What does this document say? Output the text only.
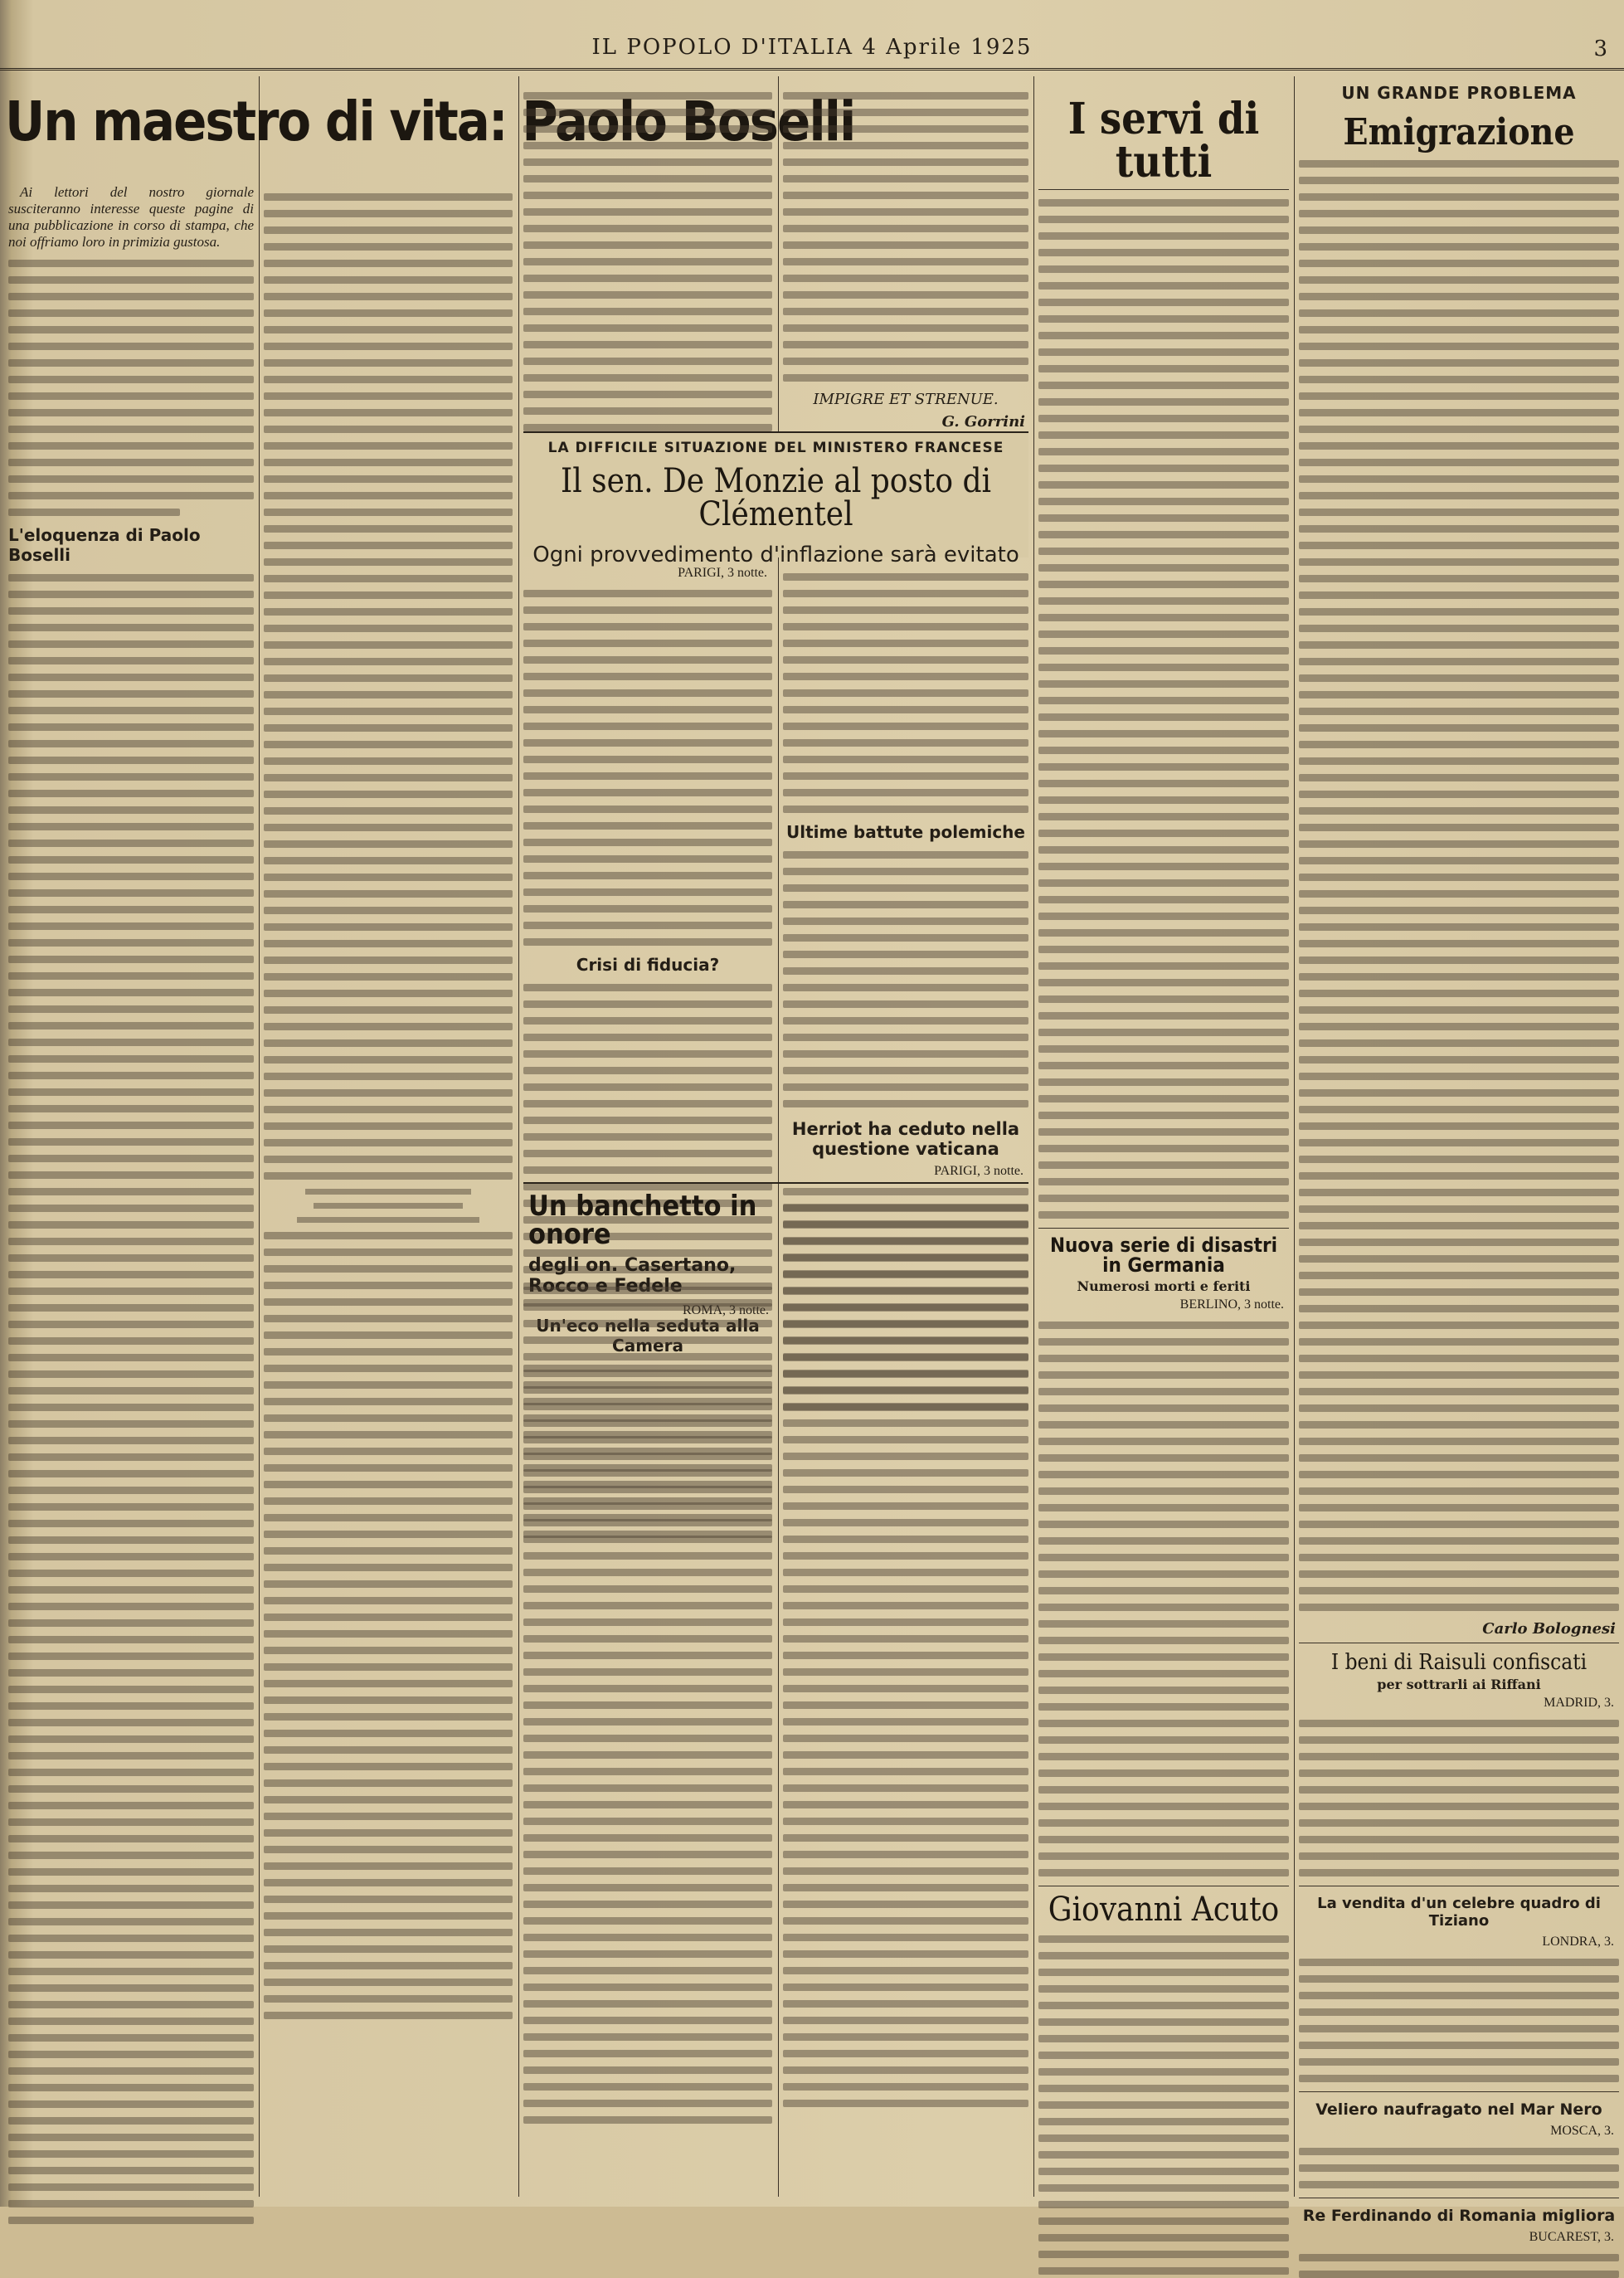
IL POPOLO D'ITALIA 4 Aprile 1925	3
Un maestro di vita: Paolo Boselli

Ai lettori del nostro giornale susciteranno interesse queste pagine di una pubblicazione in corso di stampa, che noi offriamo loro in primizia gustosa.

L'eloquenza di Paolo Boselli
IMPIGRE ET STRENUE.
G. Gorrini
LA DIFFICILE SITUAZIONE DEL MINISTERO FRANCESE
Il sen. De Monzie al posto di Clémentel
Ogni provvedimento d'inflazione sarà evitato
PARIGI, 3 notte.
Crisi di fiducia?
Un'eco nella seduta alla Camera
Ultime battute polemiche
Herriot ha ceduto nella questione vaticana
PARIGI, 3 notte.
Un banchetto in onore
degli on. Casertano, Rocco e Fedele
ROMA, 3 notte.
I servi di tutti
Nuova serie di disastri in Germania
Numerosi morti e feriti
BERLINO, 3 notte.
Giovanni Acuto
UN GRANDE PROBLEMA
Emigrazione
Carlo Bolognesi
I beni di Raisuli confiscati
per sottrarli ai Riffani
MADRID, 3.
La vendita d'un celebre quadro di Tiziano
LONDRA, 3.
Veliero naufragato nel Mar Nero
MOSCA, 3.
Re Ferdinando di Romania migliora
BUCAREST, 3.
